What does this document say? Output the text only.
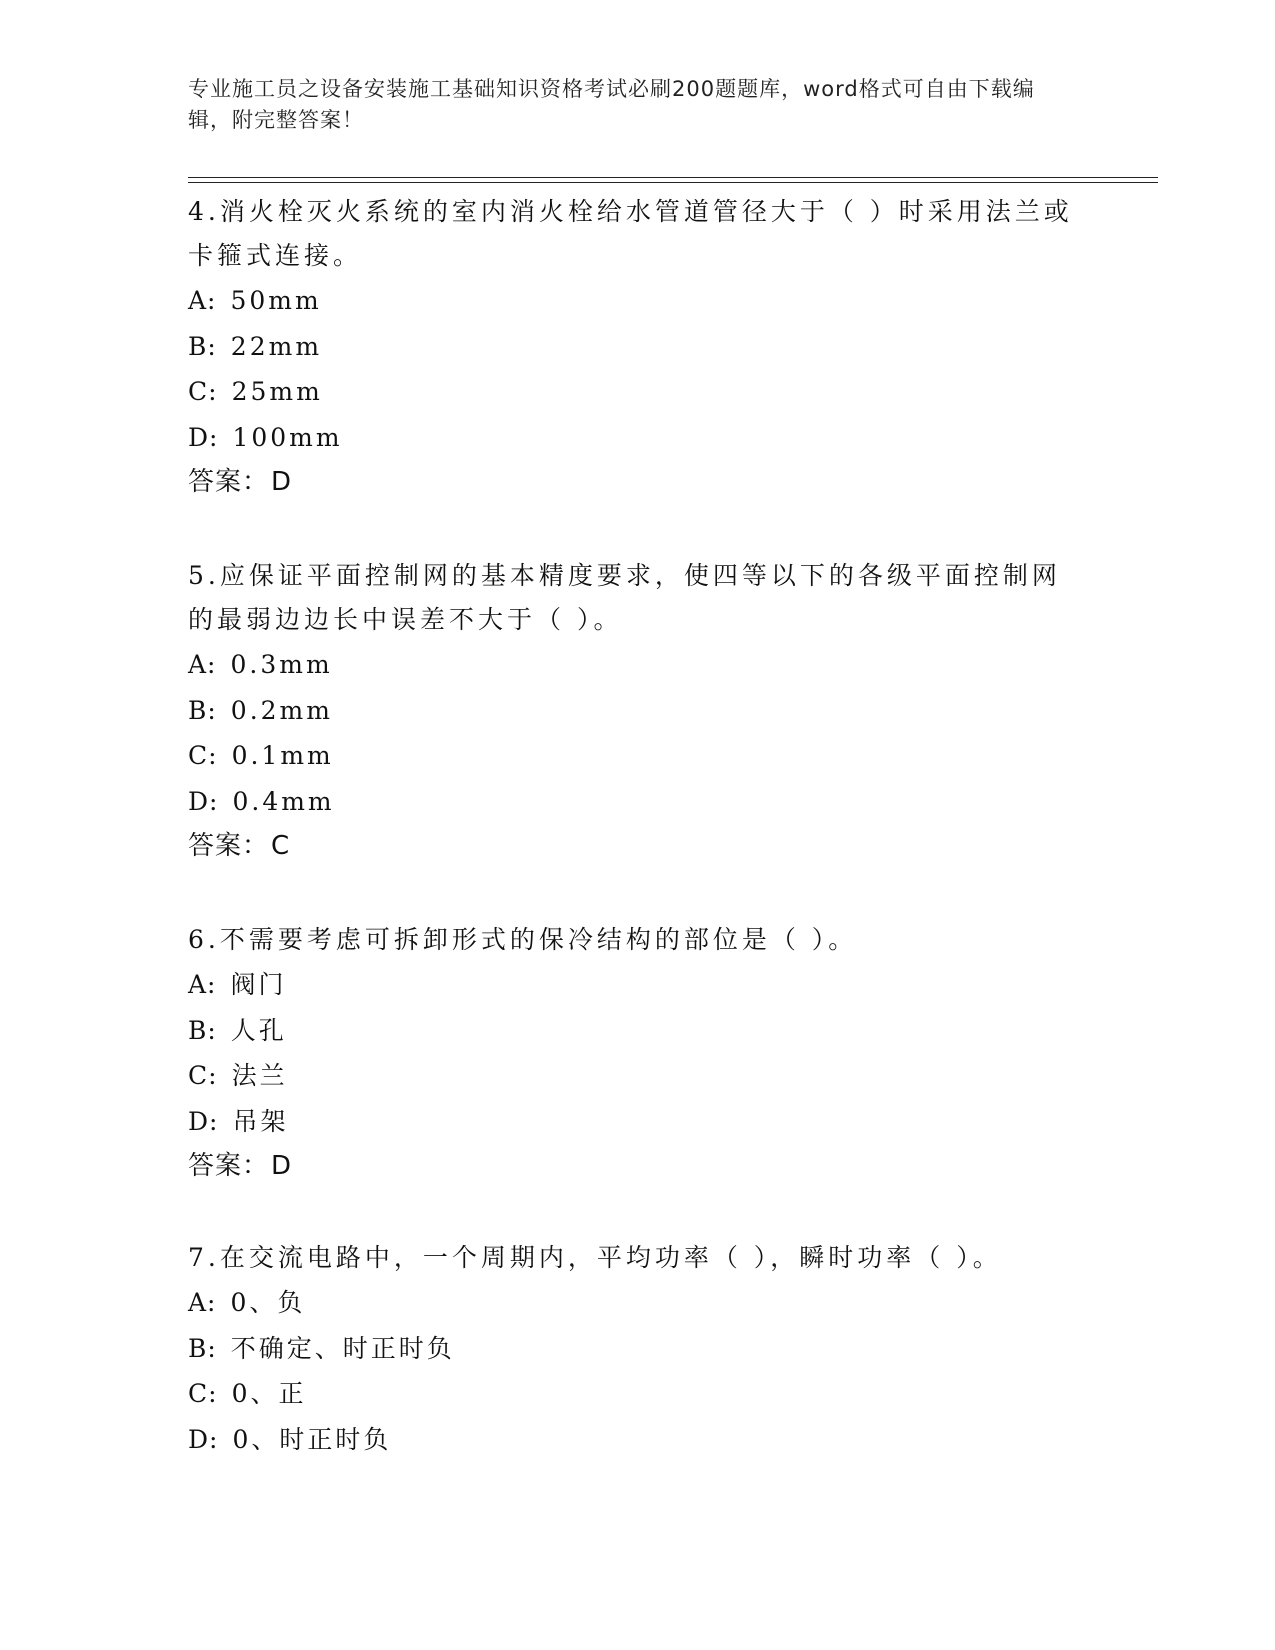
专业施工员之设备安装施工基础知识资格考试必刷200题题库，word格式可自由下载编辑，附完整答案！

4.消火栓灭火系统的室内消火栓给水管道管径大于（ ）时采用法兰或卡箍式连接。

A: 50mm

B: 22mm

C: 25mm

D: 100mm

答案：D

5.应保证平面控制网的基本精度要求，使四等以下的各级平面控制网的最弱边边长中误差不大于（ ）。

A: 0.3mm

B: 0.2mm

C: 0.1mm

D: 0.4mm

答案：C

6.不需要考虑可拆卸形式的保冷结构的部位是（ ）。

A: 阀门

B: 人孔

C: 法兰

D: 吊架

答案：D

7.在交流电路中，一个周期内，平均功率（ ），瞬时功率（ ）。

A: 0、负

B: 不确定、时正时负

C: 0、正

D: 0、时正时负
